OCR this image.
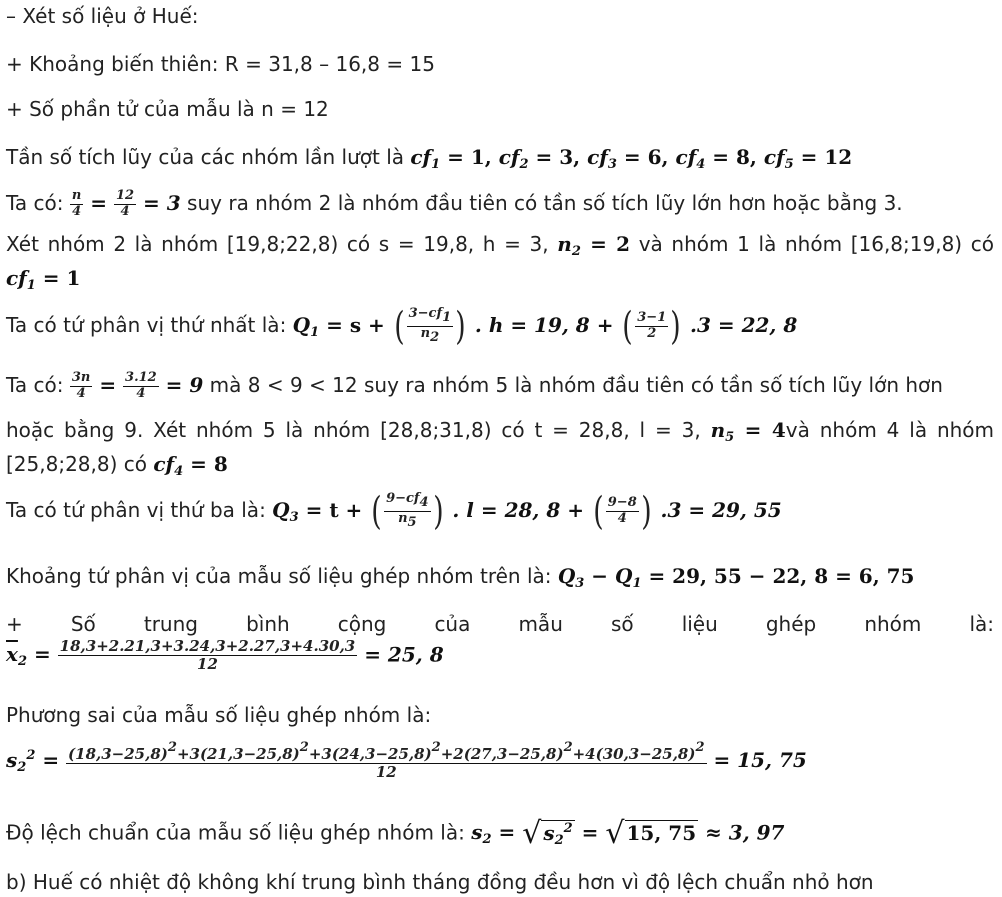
– Xét số liệu ở Huế:
+ Khoảng biến thiên: R = 31,8 – 16,8 = 15
+ Số phần tử của mẫu là n = 12
Tần số tích lũy của các nhóm lần lượt là $cf_1 = 1$, $cf_2 = 3$, $cf_3 = 6$, $cf_4 = 8$, $cf_5 = 12$
Ta có: $\frac{n}{4} = \frac{12}{4} = 3$ suy ra nhóm 2 là nhóm đầu tiên có tần số tích lũy lớn hơn hoặc bằng 3.
Xét nhóm 2 là nhóm [19,8;22,8) có s = 19,8, h = 3, $n_2 = 2$ và nhóm 1 là nhóm [16,8;19,8) có
$cf_1 = 1$
Ta có tứ phân vị thứ nhất là: $Q_1 = s$ + ( $\frac{3-cf1}{n2}$ ) . h = 19, 8 + ( $\frac{3-1}{2}$ ) .3 = 22, 8
Ta có: $\frac{3n}{4} = \frac{3.12}{4} = 9$ mà 8 < 9 < 12 suy ra nhóm 5 là nhóm đầu tiên có tần số tích lũy lớn hơn
hoặc bằng 9. Xét nhóm 5 là nhóm [28,8;31,8) có t = 28,8, l = 3, $n_5$ = 4và nhóm 4 là nhóm
[25,8;28,8) có $cf_4 = 8$
Ta có tứ phân vị thứ ba là: $Q_3 = t$ + ( $\frac{9-cf4}{n5}$ ) . l = 28, 8 + ( $\frac{9-8}{4}$ ) .3 = 29, 55
Khoảng tứ phân vị của mẫu số liệu ghép nhóm trên là: $Q_3 - Q_1 = 29$, 55 − 22, 8 = 6, 75
+ Số trung bình cộng của mẫu số liệu ghép nhóm là:
$\overline{x}_2 = \frac{18,3+2.21,3+3.24,3+2.27,3+4.30,3}{12} = 25$, 8
Phương sai của mẫu số liệu ghép nhóm là:
$s_2^2 = (18,3-25,8)2+3(21,3-25,8)2+3(24,3-25,8)2+2(27,3-25,8)2+4(30,3-25,8)2$
12
= 15, 75
Độ lệch chuẩn của mẫu số liệu ghép nhóm là: $s_2$ = √ $s_2^2$ = √ 15, 75 ≈ 3, 97
b) Huế có nhiệt độ không khí trung bình tháng đồng đều hơn vì độ lệch chuẩn nhỏ hơn
